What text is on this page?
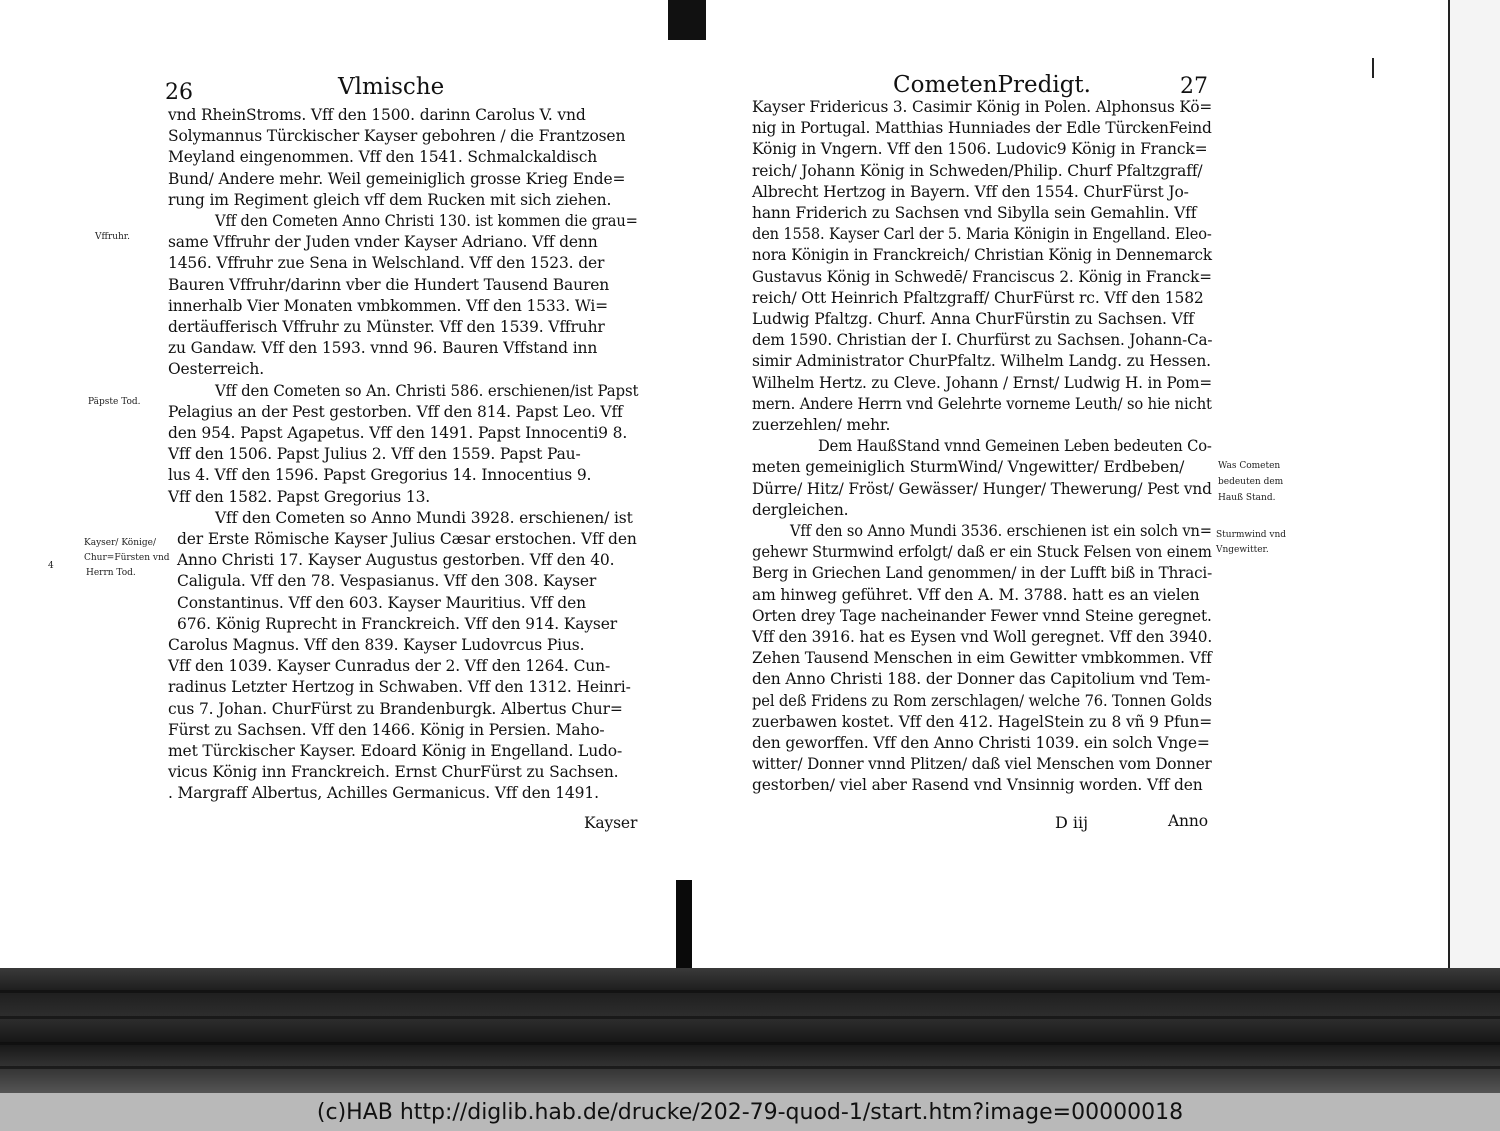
26	Vlmische
vnd RheinStroms. Vff den 1500. darinn Carolus V. vnd
Solymannus Türckischer Kayser gebohren / die Frantzosen
Meyland eingenommen. Vff den 1541. Schmalckaldisch
Bund/ Andere mehr. Weil gemeiniglich grosse Krieg Ende=
rung im Regiment gleich vff dem Rucken mit sich ziehen.
Vff den Cometen Anno Christi 130. ist kommen die grau=
same Vffruhr der Juden vnder Kayser Adriano. Vff denn
1456. Vffruhr zue Sena in Welschland. Vff den 1523. der
Bauren Vffruhr/darinn vber die Hundert Tausend Bauren
innerhalb Vier Monaten vmbkommen. Vff den 1533. Wi=
dertäufferisch Vffruhr zu Münster. Vff den 1539. Vffruhr
zu Gandaw. Vff den 1593. vnnd 96. Bauren Vffstand inn
Oesterreich.
Vff den Cometen so An. Christi 586. erschienen/ist Papst
Pelagius an der Pest gestorben. Vff den 814. Papst Leo. Vff
den 954. Papst Agapetus. Vff den 1491. Papst Innocenti9 8.
Vff den 1506. Papst Julius 2. Vff den 1559. Papst Pau-
lus 4. Vff den 1596. Papst Gregorius 14. Innocentius 9.
Vff den 1582. Papst Gregorius 13.
Vff den Cometen so Anno Mundi 3928. erschienen/ ist
der Erste Römische Kayser Julius Cæsar erstochen. Vff den
Anno Christi 17. Kayser Augustus gestorben. Vff den 40.
Caligula. Vff den 78. Vespasianus. Vff den 308. Kayser
Constantinus. Vff den 603. Kayser Mauritius. Vff den
676. König Ruprecht in Franckreich. Vff den 914. Kayser
Carolus Magnus. Vff den 839. Kayser Ludovrcus Pius.
Vff den 1039. Kayser Cunradus der 2. Vff den 1264. Cun-
radinus Letzter Hertzog in Schwaben. Vff den 1312. Heinri-
cus 7. Johan. ChurFürst zu Brandenburgk. Albertus Chur=
Fürst zu Sachsen. Vff den 1466. König in Persien. Maho-
met Türckischer Kayser. Edoard König in Engelland. Ludo-
vicus König inn Franckreich. Ernst ChurFürst zu Sachsen.
. Margraff Albertus, Achilles Germanicus. Vff den 1491.
Kayser
Vffruhr.
Päpste Tod.
Kayser/ Könige/
Chur=Fürsten vnd
Herrn Tod.
4
CometenPredigt.	27
Kayser Fridericus 3. Casimir König in Polen. Alphonsus Kö=
nig in Portugal. Matthias Hunniades der Edle TürckenFeind
König in Vngern. Vff den 1506. Ludovic9 König in Franck=
reich/ Johann König in Schweden/Philip. Churf Pfaltzgraff/
Albrecht Hertzog in Bayern. Vff den 1554. ChurFürst Jo-
hann Friderich zu Sachsen vnd Sibylla sein Gemahlin. Vff
den 1558. Kayser Carl der 5. Maria Königin in Engelland. Eleo-
nora Königin in Franckreich/ Christian König in Dennemarck
Gustavus König in Schwedē/ Franciscus 2. König in Franck=
reich/ Ott Heinrich Pfaltzgraff/ ChurFürst rc. Vff den 1582
Ludwig Pfaltzg. Churf. Anna ChurFürstin zu Sachsen. Vff
dem 1590. Christian der I. Churfürst zu Sachsen. Johann-Ca-
simir Administrator ChurPfaltz. Wilhelm Landg. zu Hessen.
Wilhelm Hertz. zu Cleve. Johann / Ernst/ Ludwig H. in Pom=
mern. Andere Herrn vnd Gelehrte vorneme Leuth/ so hie nicht
zuerzehlen/ mehr.
Dem HaußStand vnnd Gemeinen Leben bedeuten Co-
meten gemeiniglich SturmWind/ Vngewitter/ Erdbeben/
Dürre/ Hitz/ Fröst/ Gewässer/ Hunger/ Thewerung/ Pest vnd
dergleichen.
Vff den so Anno Mundi 3536. erschienen ist ein solch vn=
gehewr Sturmwind erfolgt/ daß er ein Stuck Felsen von einem
Berg in Griechen Land genommen/ in der Lufft biß in Thraci-
am hinweg geführet. Vff den A. M. 3788. hatt es an vielen
Orten drey Tage nacheinander Fewer vnnd Steine geregnet.
Vff den 3916. hat es Eysen vnd Woll geregnet. Vff den 3940.
Zehen Tausend Menschen in eim Gewitter vmbkommen. Vff
den Anno Christi 188. der Donner das Capitolium vnd Tem-
pel deß Fridens zu Rom zerschlagen/ welche 76. Tonnen Golds
zuerbawen kostet. Vff den 412. HagelStein zu 8 vñ 9 Pfun=
den geworffen. Vff den Anno Christi 1039. ein solch Vnge=
witter/ Donner vnnd Plitzen/ daß viel Menschen vom Donner
gestorben/ viel aber Rasend vnd Vnsinnig worden. Vff den
D iij	Anno
Was Cometen
bedeuten dem
Hauß Stand.
Sturmwind vnd
Vngewitter.
(c)HAB http://diglib.hab.de/drucke/202-79-quod-1/start.htm?image=00000018
